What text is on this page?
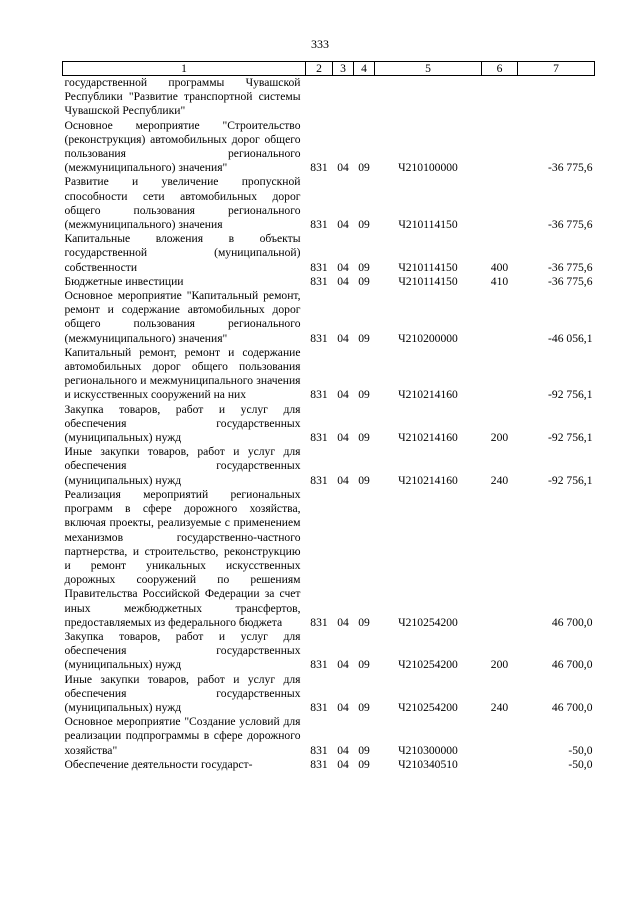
333
1	2	3	4	5	6	7
государственной программы Чувашской Республики "Развитие транспортной системы Чувашской Республики"						
Основное мероприятие "Строительство (реконструкция) автомобильных дорог общего пользования регионального (межмуниципального) значения"	831	04	09	Ч210100000		-36 775,6
Развитие и увеличение пропускной способности сети автомобильных дорог общего пользования регионального (межмуниципального) значения	831	04	09	Ч210114150		-36 775,6
Капитальные вложения в объекты государственной (муниципальной) собственности	831	04	09	Ч210114150	400	-36 775,6
Бюджетные инвестиции	831	04	09	Ч210114150	410	-36 775,6
Основное мероприятие "Капитальный ремонт, ремонт и содержание автомобильных дорог общего пользования регионального (межмуниципального) значения"	831	04	09	Ч210200000		-46 056,1
Капитальный ремонт, ремонт и содержание автомобильных дорог общего пользования регионального и межмуниципального значения и искусственных сооружений на них	831	04	09	Ч210214160		-92 756,1
Закупка товаров, работ и услуг для обеспечения государственных (муниципальных) нужд	831	04	09	Ч210214160	200	-92 756,1
Иные закупки товаров, работ и услуг для обеспечения государственных (муниципальных) нужд	831	04	09	Ч210214160	240	-92 756,1
Реализация мероприятий региональных программ в сфере дорожного хозяйства, включая проекты, реализуемые с применением механизмов государственно-частного партнерства, и строительство, реконструкцию и ремонт уникальных искусственных дорожных сооружений по решениям Правительства Российской Федерации за счет иных межбюджетных трансфертов, предоставляемых из федерального бюджета	831	04	09	Ч210254200		46 700,0
Закупка товаров, работ и услуг для обеспечения государственных (муниципальных) нужд	831	04	09	Ч210254200	200	46 700,0
Иные закупки товаров, работ и услуг для обеспечения государственных (муниципальных) нужд	831	04	09	Ч210254200	240	46 700,0
Основное мероприятие "Создание условий для реализации подпрограммы в сфере дорожного хозяйства"	831	04	09	Ч210300000		-50,0
Обеспечение деятельности государст-	831	04	09	Ч210340510		-50,0
